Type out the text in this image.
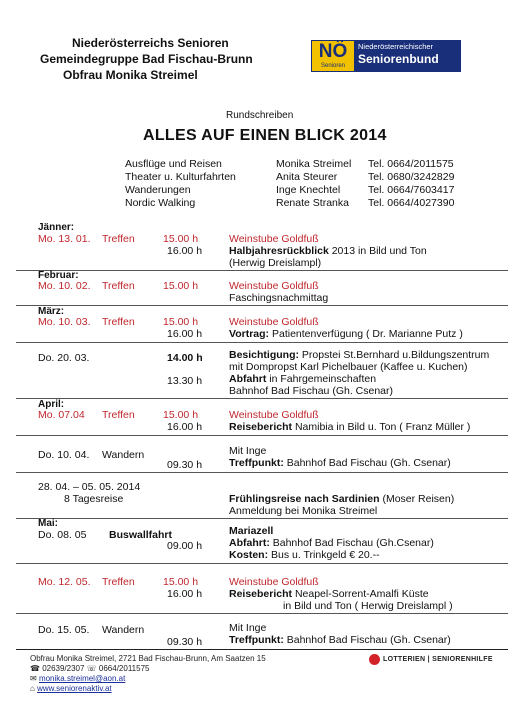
Niederösterreichs Senioren
Gemeindegruppe Bad Fischau-Brunn
Obfrau Monika Streimel
NÖ
Senioren
Niederösterreichischer
Seniorenbund
Rundschreiben
ALLES AUF EINEN BLICK 2014
Ausflüge und Reisen	Monika Streimel Tel. 0664/2011575
Theater u. Kulturfahrten	Anita Steurer	Tel. 0680/3242829
Wanderungen	Inge Knechtel	Tel. 0664/7603417
Nordic Walking	Renate Stranka Tel. 0664/4027390
Jänner:
Mo. 13. 01. Treffen	15.00 h	Weinstube Goldfuß
16.00 h	Halbjahresrückblick 2013 in Bild und Ton
(Herwig Dreislampl)
Februar:
Mo. 10. 02. Treffen	15.00 h	Weinstube Goldfuß
Faschingsnachmittag
März:
Mo. 10. 03. Treffen	15.00 h	Weinstube Goldfuß
16.00 h	Vortrag: Patientenverfügung ( Dr. Marianne Putz )
Do. 20. 03.	14.00 h	Besichtigung: Propstei St.Bernhard u.Bildungszentrum
mit Dompropst Karl Pichelbauer (Kaffee u. Kuchen)
13.30 h	Abfahrt in Fahrgemeinschaften
Bahnhof Bad Fischau (Gh. Csenar)
April:
Mo. 07.04 Treffen	15.00 h	Weinstube Goldfuß
16.00 h	Reisebericht Namibia in Bild u. Ton ( Franz Müller )
Do. 10. 04. Wandern	Mit Inge
09.30 h	Treffpunkt: Bahnhof Bad Fischau (Gh. Csenar)
28. 04. – 05. 05. 2014
8 Tagesreise	Frühlingsreise nach Sardinien (Moser Reisen)
Anmeldung bei Monika Streimel
Mai:
Do. 08. 05 Buswallfahrt	Mariazell
09.00 h	Abfahrt: Bahnhof Bad Fischau (Gh.Csenar)
Kosten: Bus u. Trinkgeld € 20.--
Mo. 12. 05. Treffen	15.00 h	Weinstube Goldfuß
16.00 h	Reisebericht Neapel-Sorrent-Amalfi Küste
in Bild und Ton ( Herwig Dreislampl )
Do. 15. 05. Wandern	Mit Inge
09.30 h	Treffpunkt: Bahnhof Bad Fischau (Gh. Csenar)
Obfrau Monika Streimel, 2721 Bad Fischau-Brunn, Am Saatzen 15
☎ 02639/2307 ☏ 0664/2011575
✉ monika.streimel@aon.at
⌂ www.seniorenaktiv.at
LOTTERIEN | SENIORENHILFE
